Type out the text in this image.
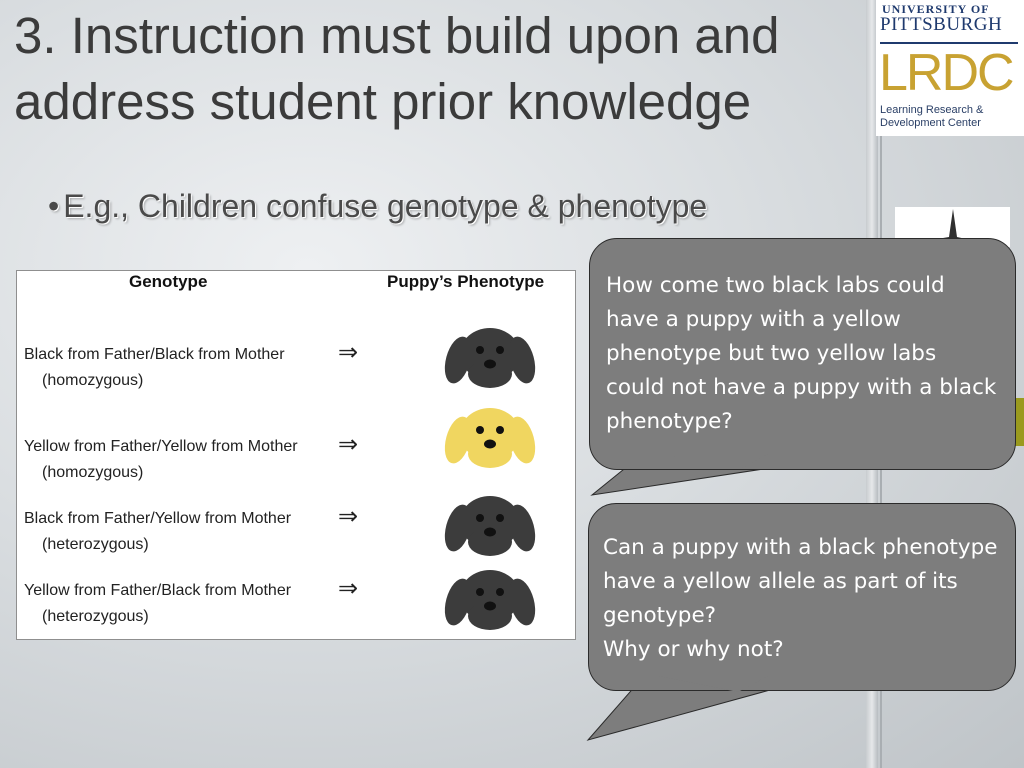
3. Instruction must build upon and address student prior knowledge
• E.g., Children confuse genotype & phenotype
UNIVERSITY OF
PITTSBURGH
LRDC
Learning Research & Development Center
Genotype	Puppy’s Phenotype
Black from Father/Black from Mother
(homozygous)
⇒
Yellow from Father/Yellow from Mother
(homozygous)
⇒
Black from Father/Yellow from Mother
(heterozygous)
⇒
Yellow from Father/Black from Mother
(heterozygous)
⇒
How come two black labs could have a puppy with a yellow phenotype but two yellow labs could not have a puppy with a black phenotype?
Can a puppy with a black phenotype have a yellow allele as part of its genotype?
Why or why not?
